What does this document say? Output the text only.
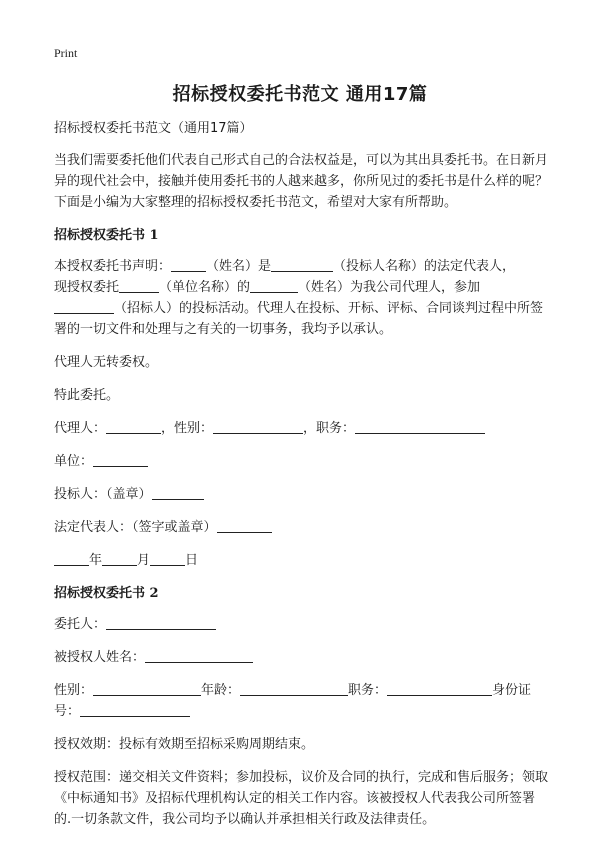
Print
招标授权委托书范文 通用17篇

招标授权委托书范文（通用17篇）

当我们需要委托他们代表自己形式自己的合法权益是，可以为其出具委托书。在日新月异的现代社会中，接触并使用委托书的人越来越多，你所见过的委托书是什么样的呢？下面是小编为大家整理的招标授权委托书范文，希望对大家有所帮助。

招标授权委托书 1

本授权委托书声明：	（姓名）是	（投标人名称）的法定代表人，
现授权委托	（单位名称）的	（姓名）为我公司代理人，参加
（招标人）的投标活动。代理人在投标、开标、评标、合同谈判过程中所签署的一切文件和处理与之有关的一切事务，我均予以承认。

代理人无转委权。

特此委托。

代理人：	，性别：	，职务：

单位：

投标人：（盖章）

法定代表人：（签字或盖章）

年	月	日

招标授权委托书 2

委托人：

被授权人姓名：

性别：	年龄：	职务：	身份证
号：

授权效期：投标有效期至招标采购周期结束。

授权范围：递交相关文件资料；参加投标，议价及合同的执行，完成和售后服务；领取《中标通知书》及招标代理机构认定的相关工作内容。该被授权人代表我公司所签署的.一切条款文件，我公司均予以确认并承担相关行政及法律责任。
